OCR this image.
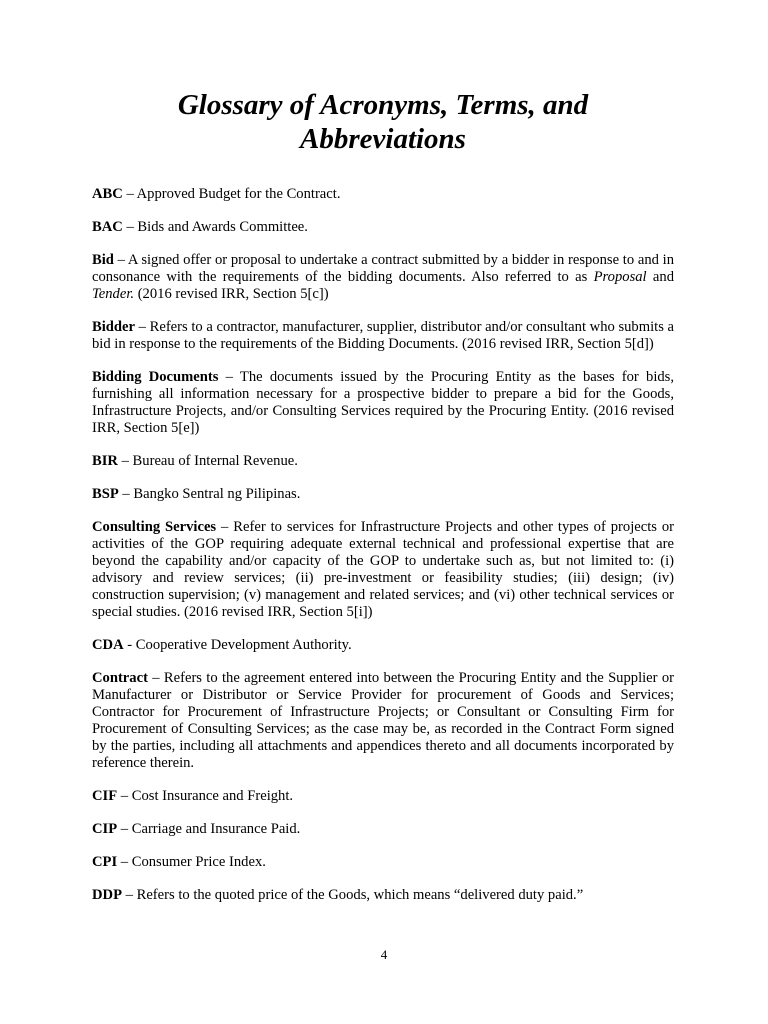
Glossary of Acronyms, Terms, and
Abbreviations

ABC – Approved Budget for the Contract.

BAC – Bids and Awards Committee.

Bid – A signed offer or proposal to undertake a contract submitted by a bidder in response to and in consonance with the requirements of the bidding documents. Also referred to as Proposal and Tender. (2016 revised IRR, Section 5[c])

Bidder – Refers to a contractor, manufacturer, supplier, distributor and/or consultant who submits a bid in response to the requirements of the Bidding Documents. (2016 revised IRR, Section 5[d])

Bidding Documents – The documents issued by the Procuring Entity as the bases for bids, furnishing all information necessary for a prospective bidder to prepare a bid for the Goods, Infrastructure Projects, and/or Consulting Services required by the Procuring Entity. (2016 revised IRR, Section 5[e])

BIR – Bureau of Internal Revenue.

BSP – Bangko Sentral ng Pilipinas.

Consulting Services – Refer to services for Infrastructure Projects and other types of projects or activities of the GOP requiring adequate external technical and professional expertise that are beyond the capability and/or capacity of the GOP to undertake such as, but not limited to: (i) advisory and review services; (ii) pre-investment or feasibility studies; (iii) design; (iv) construction supervision; (v) management and related services; and (vi) other technical services or special studies. (2016 revised IRR, Section 5[i])

CDA - Cooperative Development Authority.

Contract – Refers to the agreement entered into between the Procuring Entity and the Supplier or Manufacturer or Distributor or Service Provider for procurement of Goods and Services; Contractor for Procurement of Infrastructure Projects; or Consultant or Consulting Firm for Procurement of Consulting Services; as the case may be, as recorded in the Contract Form signed by the parties, including all attachments and appendices thereto and all documents incorporated by reference therein.

CIF – Cost Insurance and Freight.

CIP – Carriage and Insurance Paid.

CPI – Consumer Price Index.

DDP – Refers to the quoted price of the Goods, which means “delivered duty paid.”

4
